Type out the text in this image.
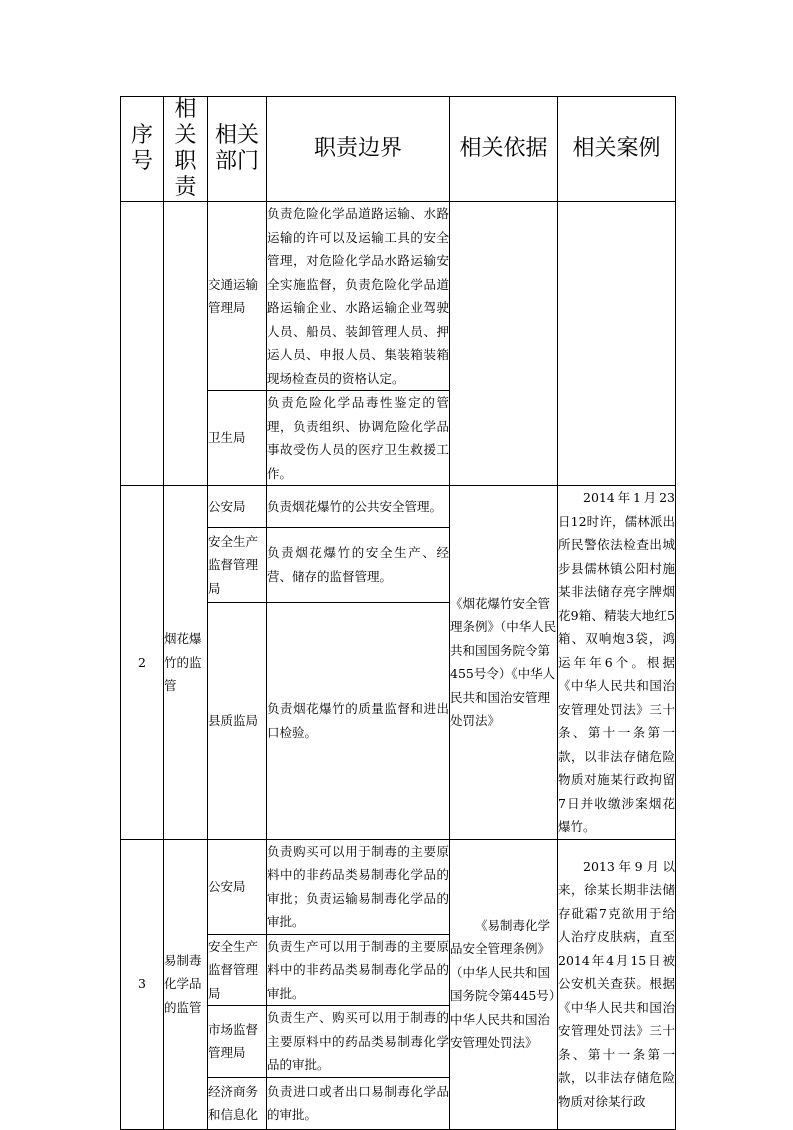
序号	相关职责	相关部门	职责边界	相关依据	相关案例
		交通运输管理局	负责危险化学品道路运输、水路运输的许可以及运输工具的安全管理，对危险化学品水路运输安全实施监督，负责危险化学品道路运输企业、水路运输企业驾驶人员、船员、装卸管理人员、押运人员、申报人员、集装箱装箱现场检查员的资格认定。		
		卫生局	负责危险化学品毒性鉴定的管理，负责组织、协调危险化学品事故受伤人员的医疗卫生救援工作。		
2	烟花爆竹的监管	公安局	负责烟花爆竹的公共安全管理。	《烟花爆竹安全管理条例》（中华人民共和国国务院令第455号令）《中华人民共和国治安管理处罚法》	2014年1月23日12时许，儒林派出所民警依法检查出城步县儒林镇公阳村施某非法储存亮字牌烟花9箱、精装大地红5箱、双响炮3袋，鸿运年年6个。根据《中华人民共和国治安管理处罚法》三十条、第十一条第一款，以非法存储危险物质对施某行政拘留7日并收缴涉案烟花爆竹。
		安全生产监督管理局	负责烟花爆竹的安全生产、经营、储存的监督管理。		
		县质监局	负责烟花爆竹的质量监督和进出口检验。		
3	易制毒化学品的监管	公安局	负责购买可以用于制毒的主要原料中的非药品类易制毒化学品的审批；负责运输易制毒化学品的审批。	《易制毒化学品安全管理条例》（中华人民共和国国务院令第445号）中华人民共和国治安管理处罚法》	2013年9月以来，徐某长期非法储存砒霜7克欲用于给人治疗皮肤病，直至2014年4月15日被公安机关查获。根据《中华人民共和国治安管理处罚法》三十条、第十一条第一款，以非法存储危险物质对徐某行政
		安全生产监督管理局	负责生产可以用于制毒的主要原料中的非药品类易制毒化学品的审批。		
		市场监督管理局	负责生产、购买可以用于制毒的主要原料中的药品类易制毒化学品的审批。		
		经济商务和信息化	负责进口或者出口易制毒化学品的审批。		
